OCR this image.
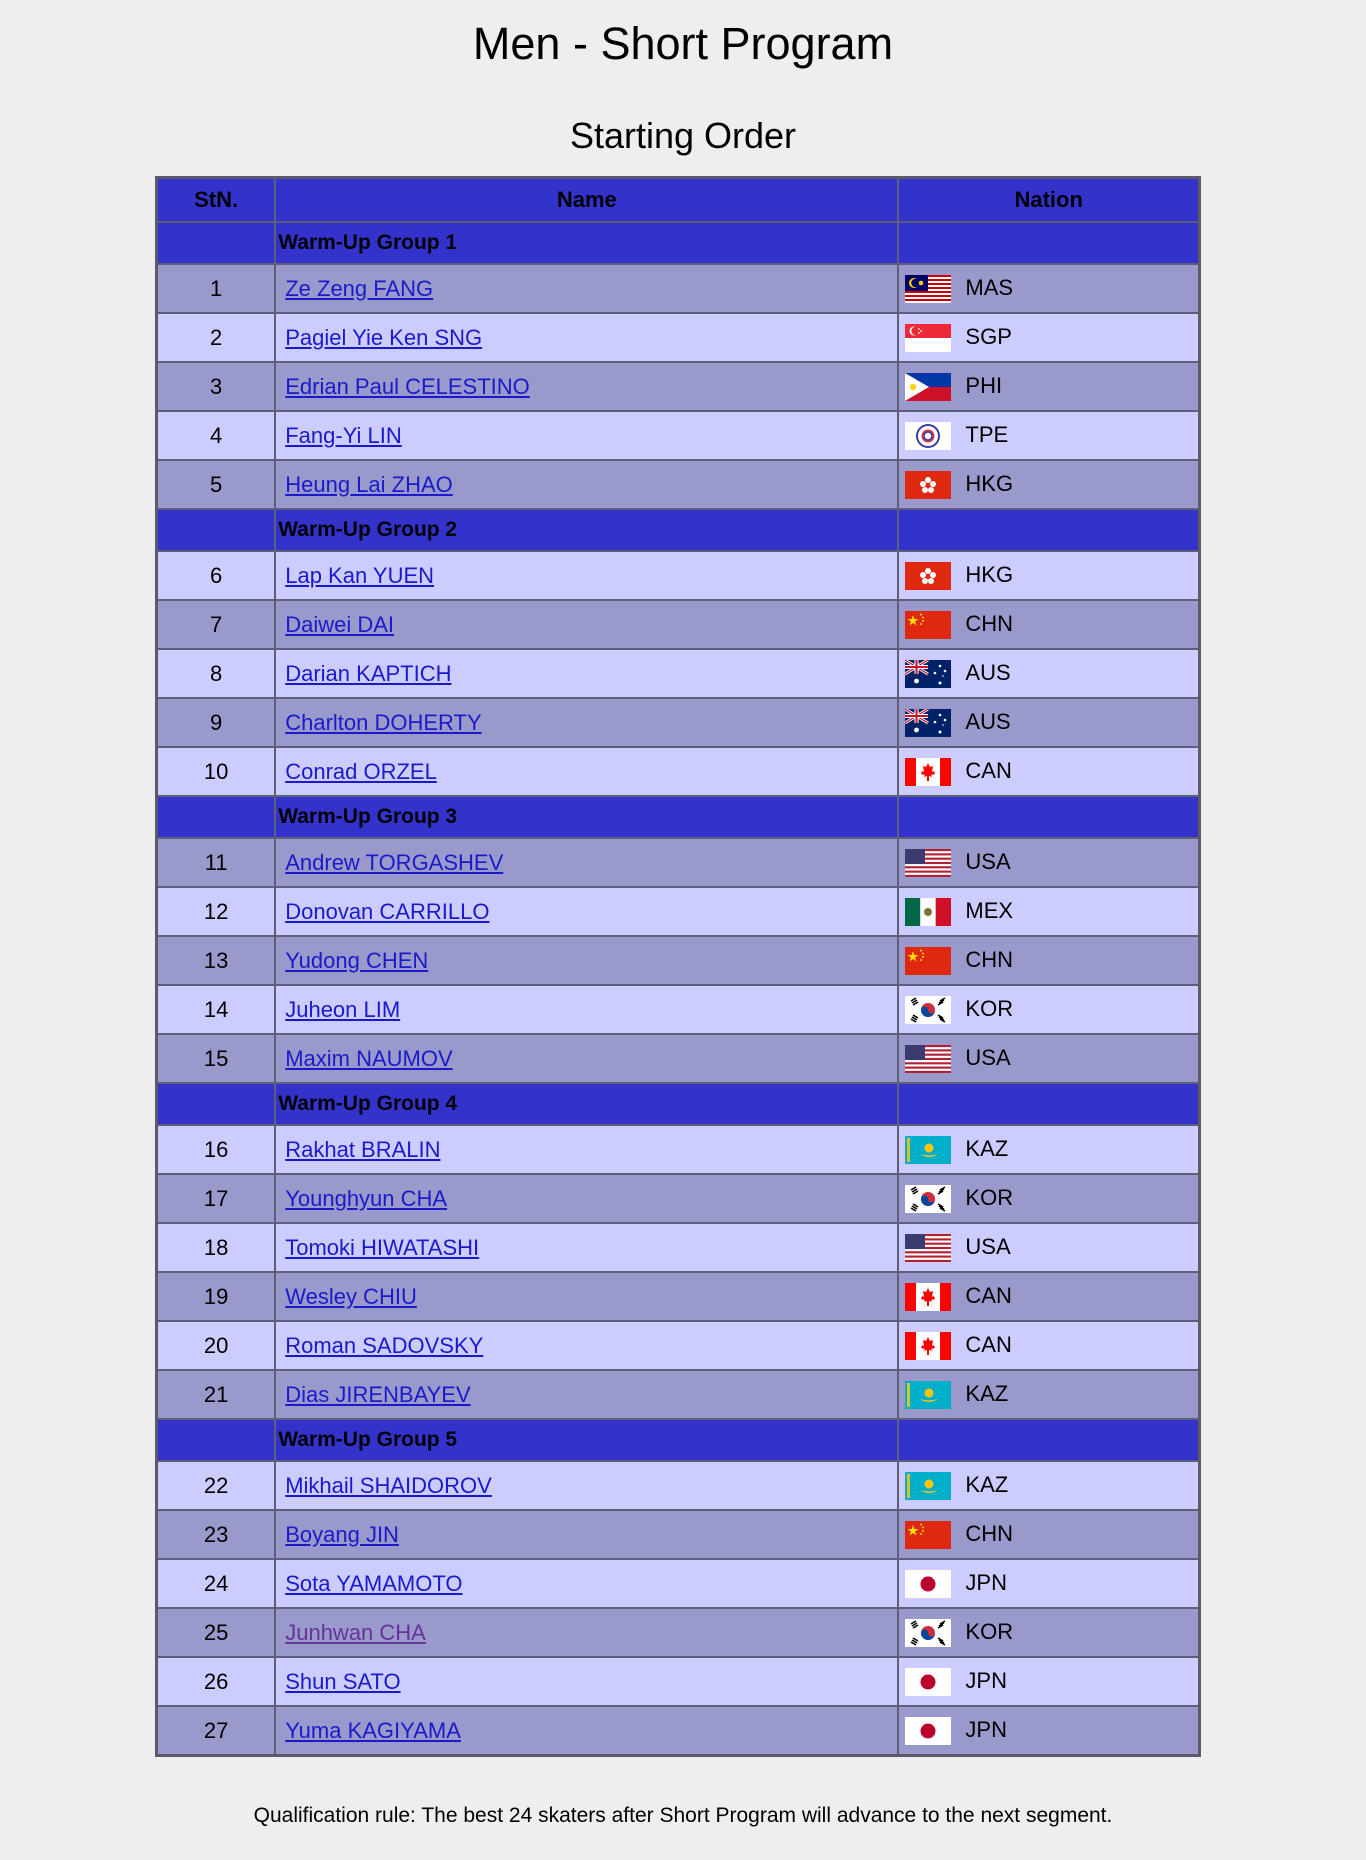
Men - Short Program
Starting Order
StN.	Name	Nation
	Warm-Up Group 1	
1	Ze Zeng FANG	MAS
2	Pagiel Yie Ken SNG	SGP
3	Edrian Paul CELESTINO	PHI
4	Fang-Yi LIN	TPE
5	Heung Lai ZHAO	HKG
	Warm-Up Group 2	
6	Lap Kan YUEN	HKG
7	Daiwei DAI	CHN
8	Darian KAPTICH	AUS
9	Charlton DOHERTY	AUS
10	Conrad ORZEL	CAN
	Warm-Up Group 3	
11	Andrew TORGASHEV	USA
12	Donovan CARRILLO	MEX
13	Yudong CHEN	CHN
14	Juheon LIM	KOR
15	Maxim NAUMOV	USA
	Warm-Up Group 4	
16	Rakhat BRALIN	KAZ
17	Younghyun CHA	KOR
18	Tomoki HIWATASHI	USA
19	Wesley CHIU	CAN
20	Roman SADOVSKY	CAN
21	Dias JIRENBAYEV	KAZ
	Warm-Up Group 5	
22	Mikhail SHAIDOROV	KAZ
23	Boyang JIN	CHN
24	Sota YAMAMOTO	JPN
25	Junhwan CHA	KOR
26	Shun SATO	JPN
27	Yuma KAGIYAMA	JPN
Qualification rule: The best 24 skaters after Short Program will advance to the next segment.
